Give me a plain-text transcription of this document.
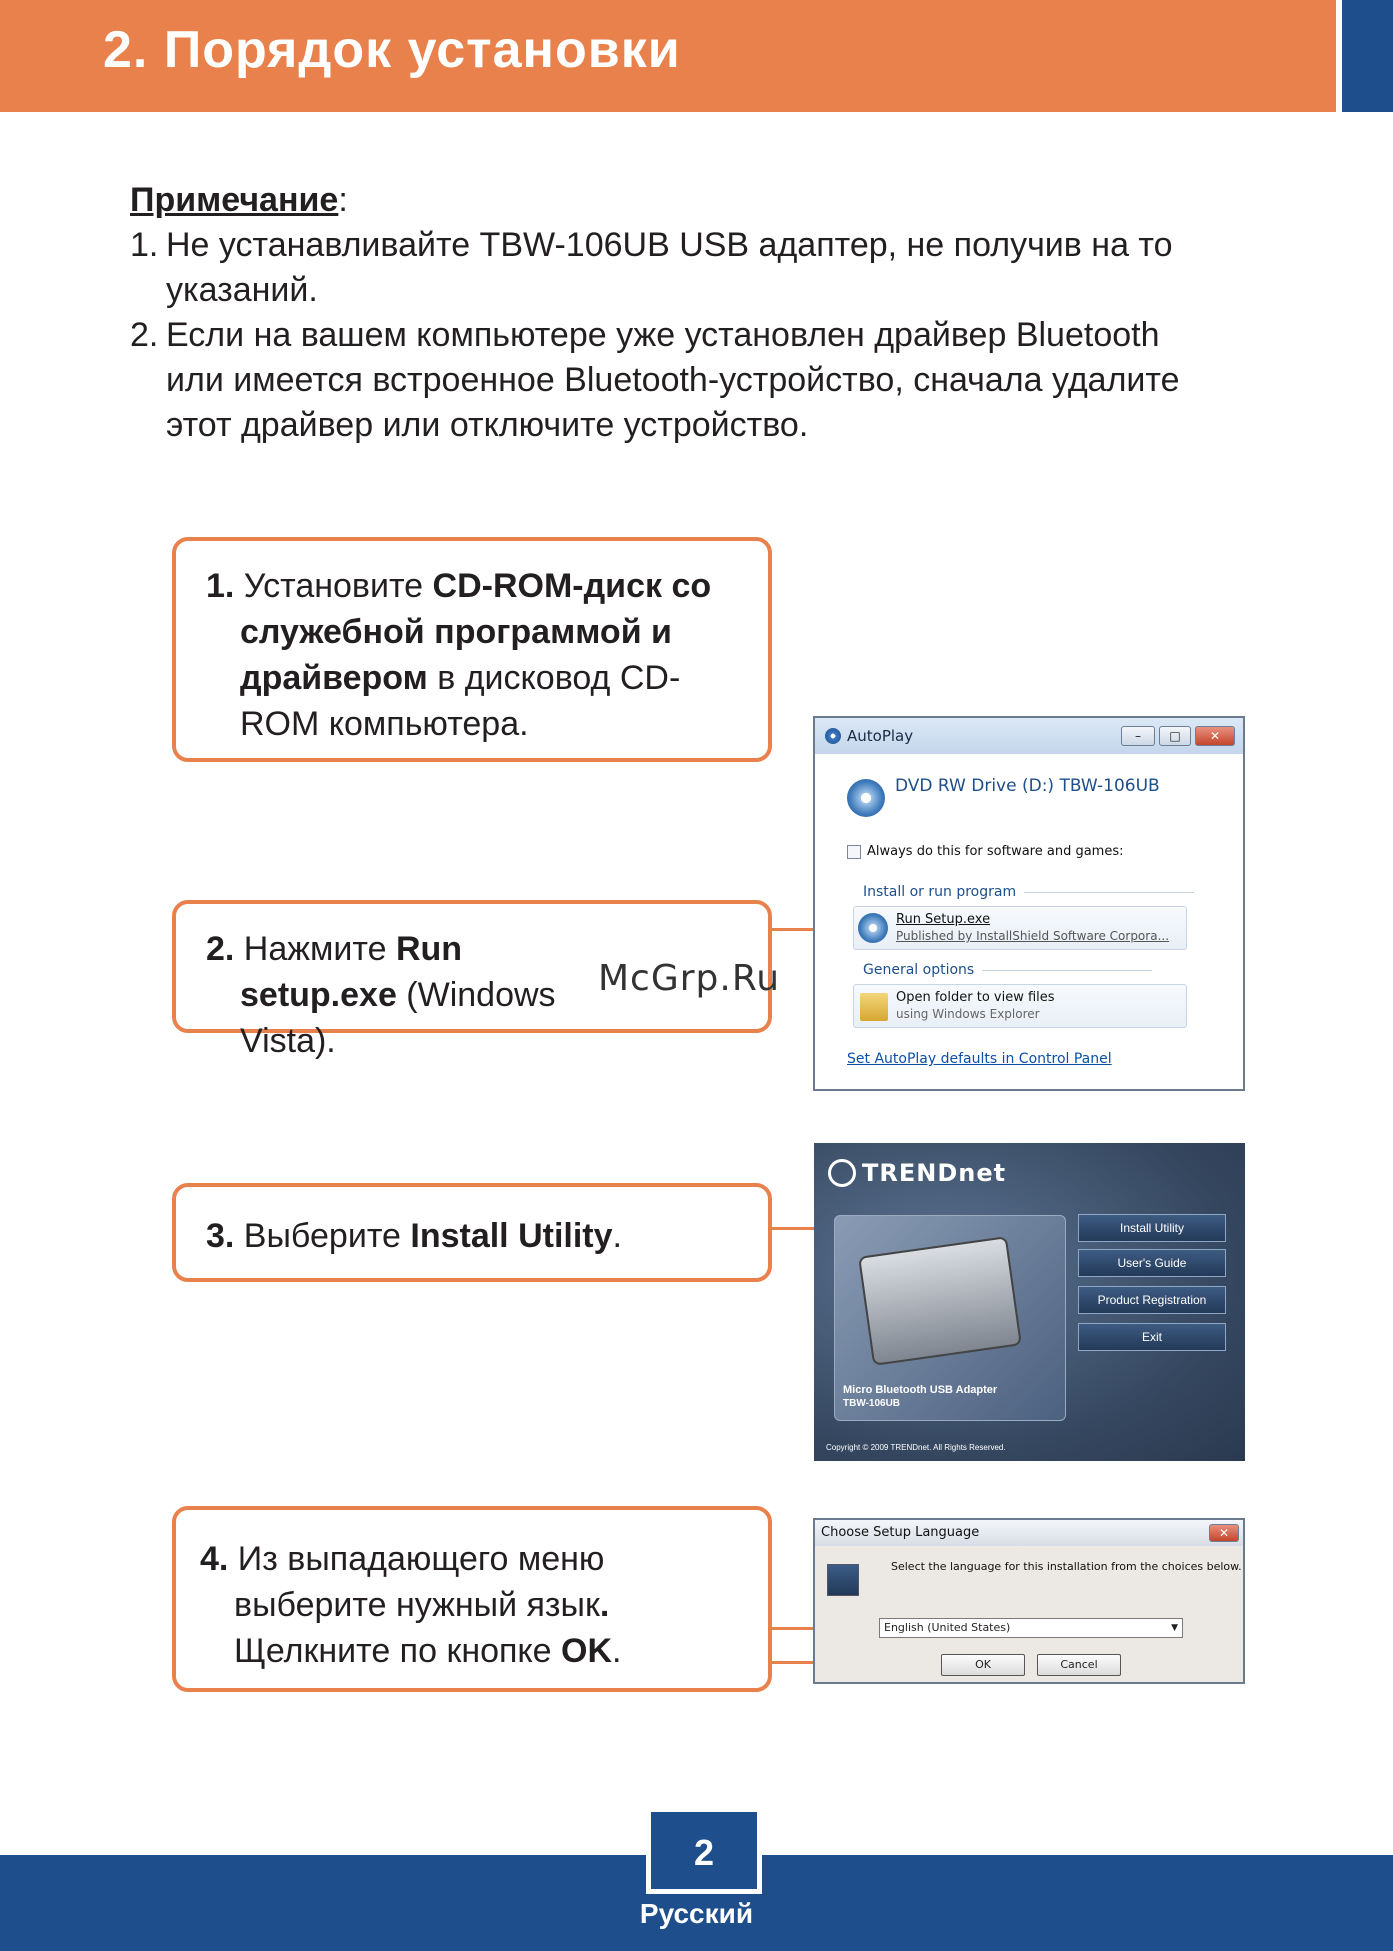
2. Порядок установки
Примечание:
1. Не устанавливайте TBW-106UB USB адаптер, не получив на то указаний.
2. Если на вашем компьютере уже установлен драйвер Bluetooth или имеется встроенное Bluetooth-устройство, сначала удалите этот драйвер или отключите устройство.
1. Установите CD-ROM-диск со служебной программой и драйвером в дисковод CD-ROM компьютера.
2. Нажмите Run setup.exe (Windows Vista).
3. Выберите Install Utility.
4. Из выпадающего меню выберите нужный язык. Щелкните по кнопке OK.
AutoPlay	–	□	✕
DVD RW Drive (D:) TBW-106UB
Always do this for software and games:
Install or run program
Run Setup.exe
Published by InstallShield Software Corpora...
General options
Open folder to view files
using Windows Explorer
Set AutoPlay defaults in Control Panel
TRENDnet
Micro Bluetooth USB Adapter
TBW-106UB
Install Utility
User's Guide
Product Registration
Exit
Copyright © 2009 TRENDnet. All Rights Reserved.
Choose Setup Language	✕
Select the language for this installation from the choices below.
English (United States)	▼
OK	Cancel
McGrp.Ru
2
Русский
